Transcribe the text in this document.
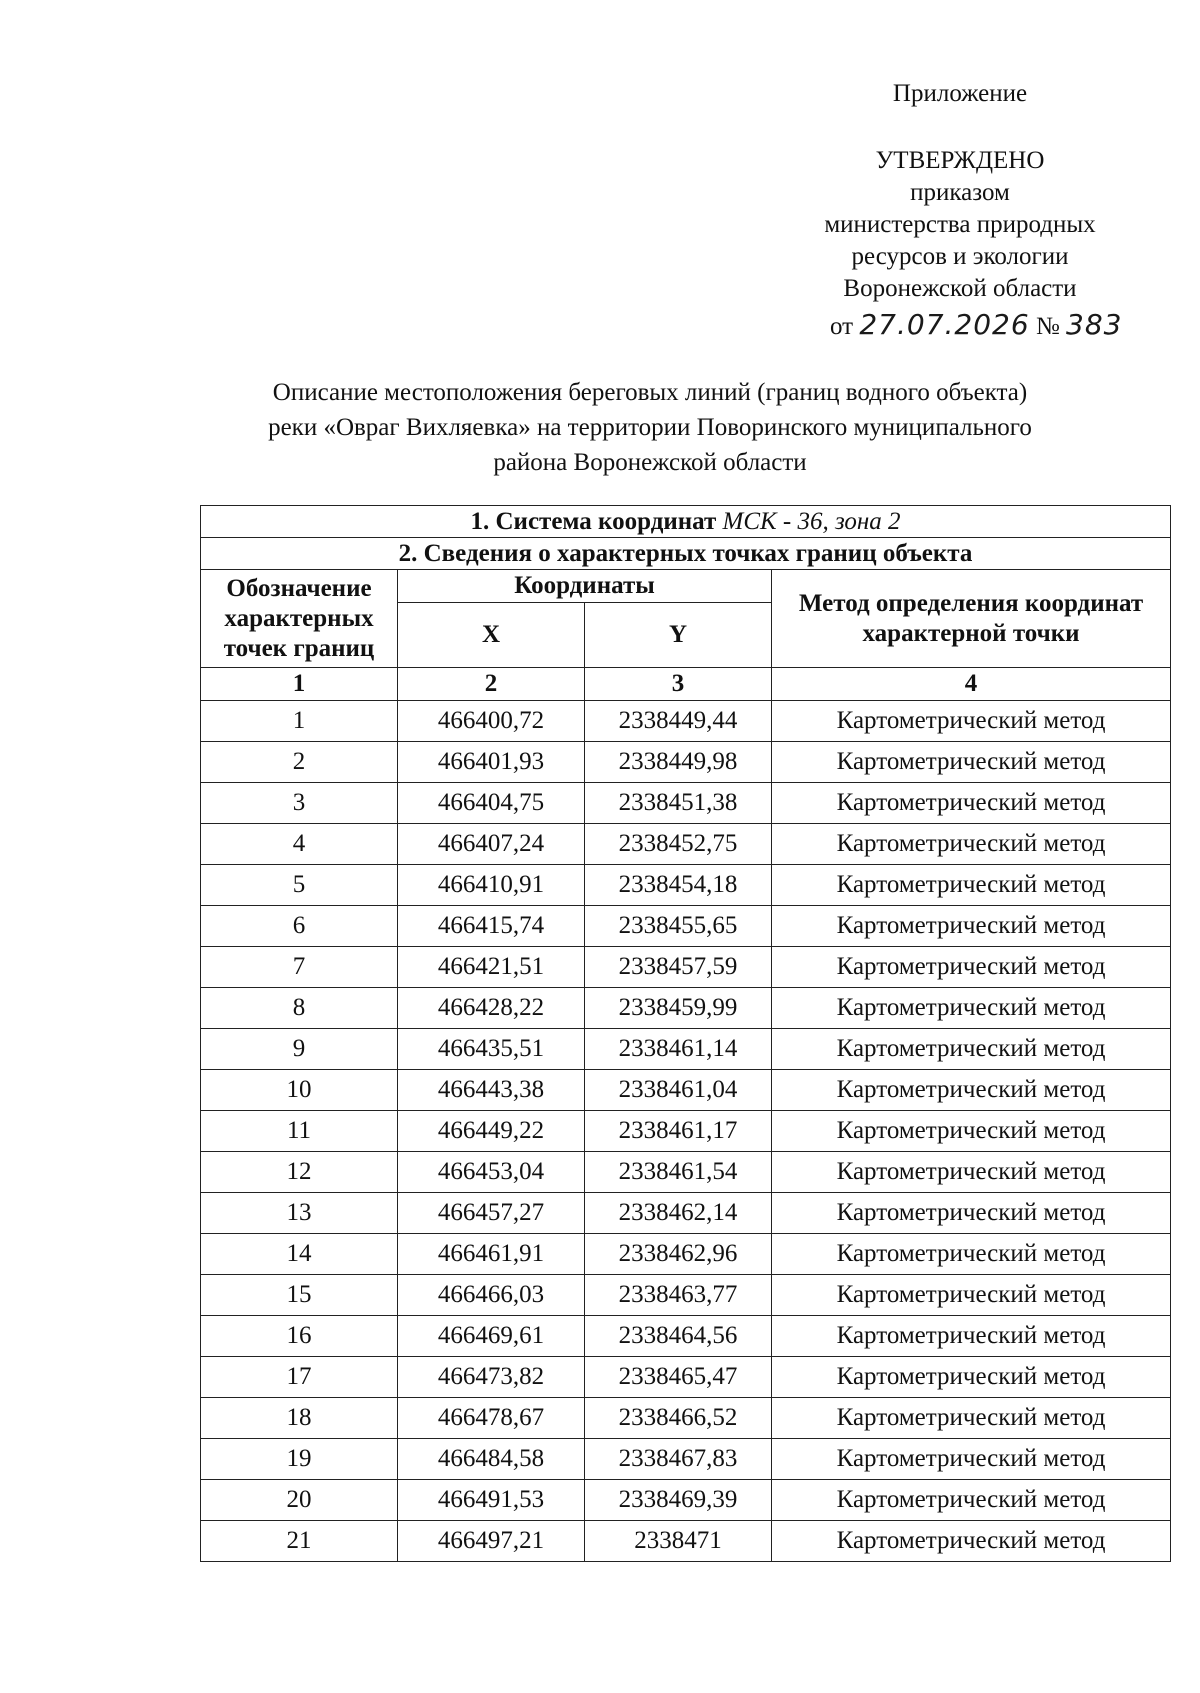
Приложение
УТВЕРЖДЕНО
приказом
министерства природных
ресурсов и экологии
Воронежской области
от 27.07.2026 № 383
Описание местоположения береговых линий (границ водного объекта)
реки «Овраг Вихляевка» на территории Поворинского муниципального
района Воронежской области
1. Система координат МСК - 36, зона 2			
2. Сведения о характерных точках границ объекта			
Обозначение характерных точек границ	Координаты		Метод определения координат характерной точки
	X	Y	
1	2	3	4
1	466400,72	2338449,44	Картометрический метод
2	466401,93	2338449,98	Картометрический метод
3	466404,75	2338451,38	Картометрический метод
4	466407,24	2338452,75	Картометрический метод
5	466410,91	2338454,18	Картометрический метод
6	466415,74	2338455,65	Картометрический метод
7	466421,51	2338457,59	Картометрический метод
8	466428,22	2338459,99	Картометрический метод
9	466435,51	2338461,14	Картометрический метод
10	466443,38	2338461,04	Картометрический метод
11	466449,22	2338461,17	Картометрический метод
12	466453,04	2338461,54	Картометрический метод
13	466457,27	2338462,14	Картометрический метод
14	466461,91	2338462,96	Картометрический метод
15	466466,03	2338463,77	Картометрический метод
16	466469,61	2338464,56	Картометрический метод
17	466473,82	2338465,47	Картометрический метод
18	466478,67	2338466,52	Картометрический метод
19	466484,58	2338467,83	Картометрический метод
20	466491,53	2338469,39	Картометрический метод
21	466497,21	2338471	Картометрический метод
